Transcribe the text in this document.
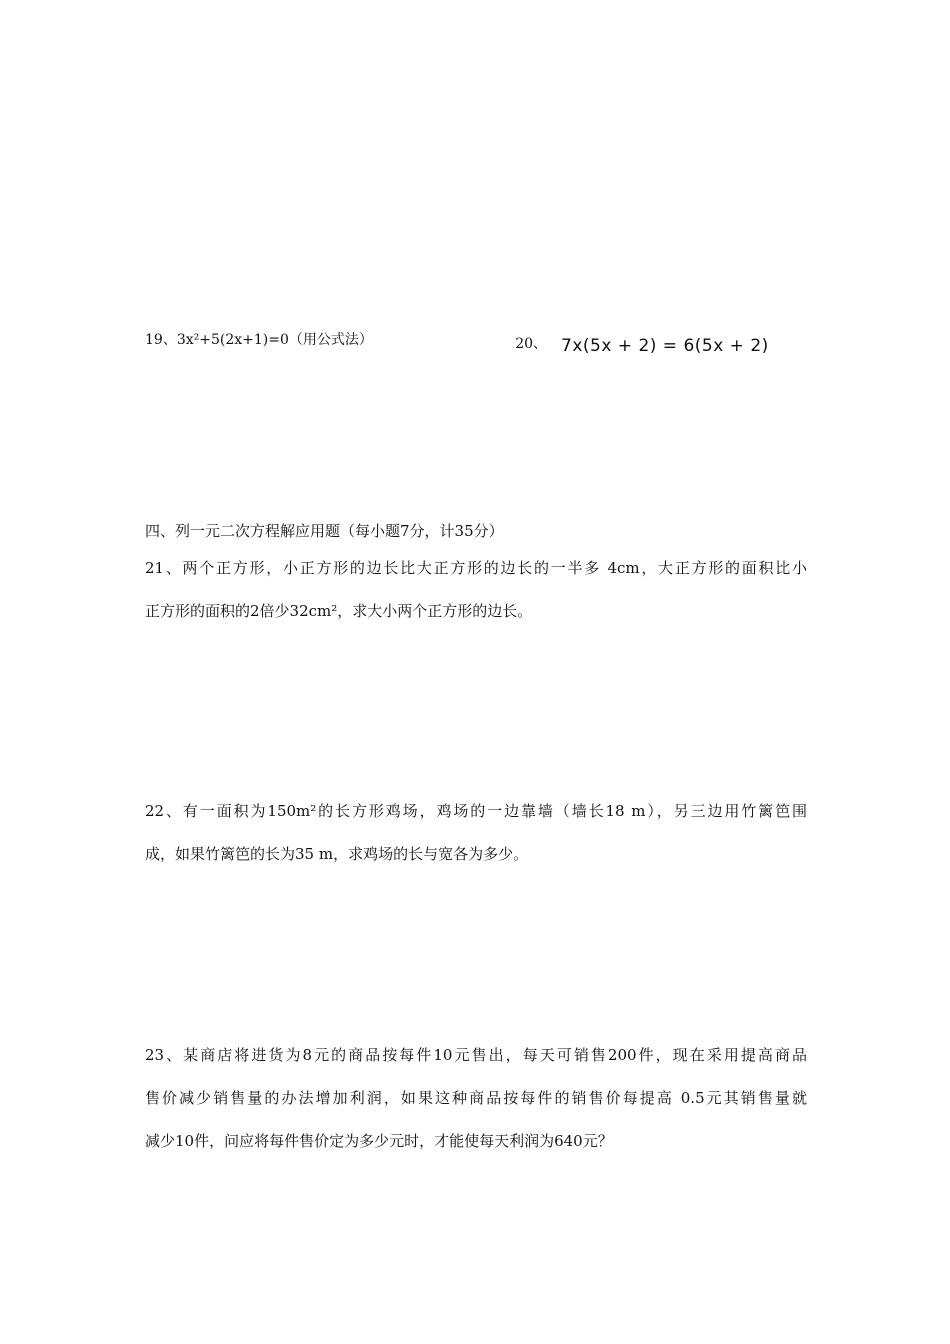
19、3x²+5(2x+1)=0（用公式法）	.20、 7x(5x + 2) = 6(5x + 2)
四、列一元二次方程解应用题（每小题7分，计35分）
21、两个正方形，小正方形的边长比大正方形的边长的一半多 4cm，大正方形的面积比小
正方形的面积的2倍少32cm²，求大小两个正方形的边长。
22、有一面积为150m²的长方形鸡场，鸡场的一边靠墙（墙长18 m），另三边用竹篱笆围
成，如果竹篱笆的长为35 m，求鸡场的长与宽各为多少。
23、某商店将进货为8元的商品按每件10元售出，每天可销售200件，现在采用提高商品
售价减少销售量的办法增加利润，如果这种商品按每件的销售价每提高 0.5元其销售量就
减少10件，问应将每件售价定为多少元时，才能使每天利润为640元？
